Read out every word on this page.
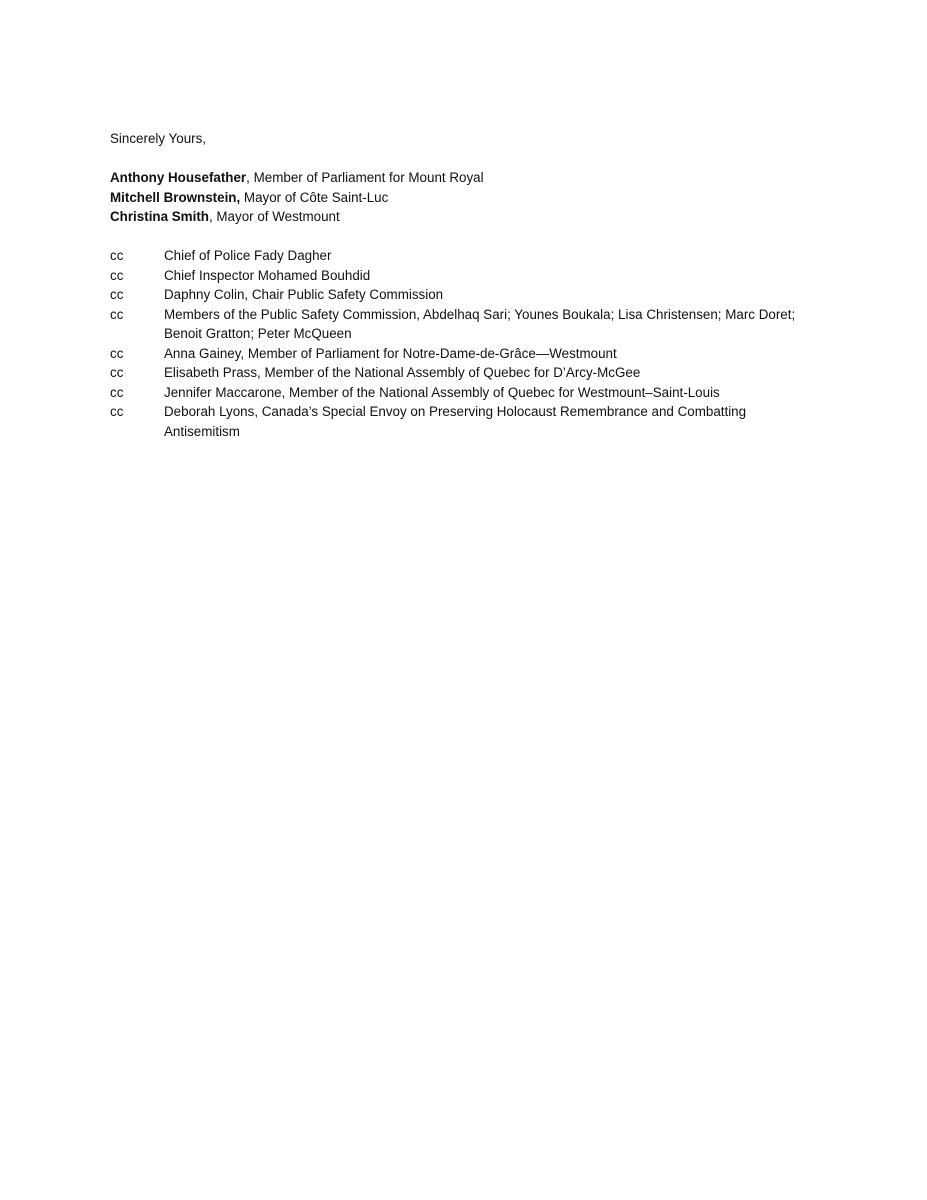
Sincerely Yours,

Anthony Housefather, Member of Parliament for Mount Royal
Mitchell Brownstein, Mayor of Côte Saint-Luc
Christina Smith, Mayor of Westmount
cc	Chief of Police Fady Dagher
cc	Chief Inspector Mohamed Bouhdid
cc	Daphny Colin, Chair Public Safety Commission
cc	Members of the Public Safety Commission, Abdelhaq Sari; Younes Boukala; Lisa Christensen; Marc Doret; Benoit Gratton; Peter McQueen
cc	Anna Gainey, Member of Parliament for Notre-Dame-de-Grâce—Westmount
cc	Elisabeth Prass, Member of the National Assembly of Quebec for D’Arcy-McGee
cc	Jennifer Maccarone, Member of the National Assembly of Quebec for Westmount–Saint-Louis
cc	Deborah Lyons, Canada’s Special Envoy on Preserving Holocaust Remembrance and Combatting Antisemitism
